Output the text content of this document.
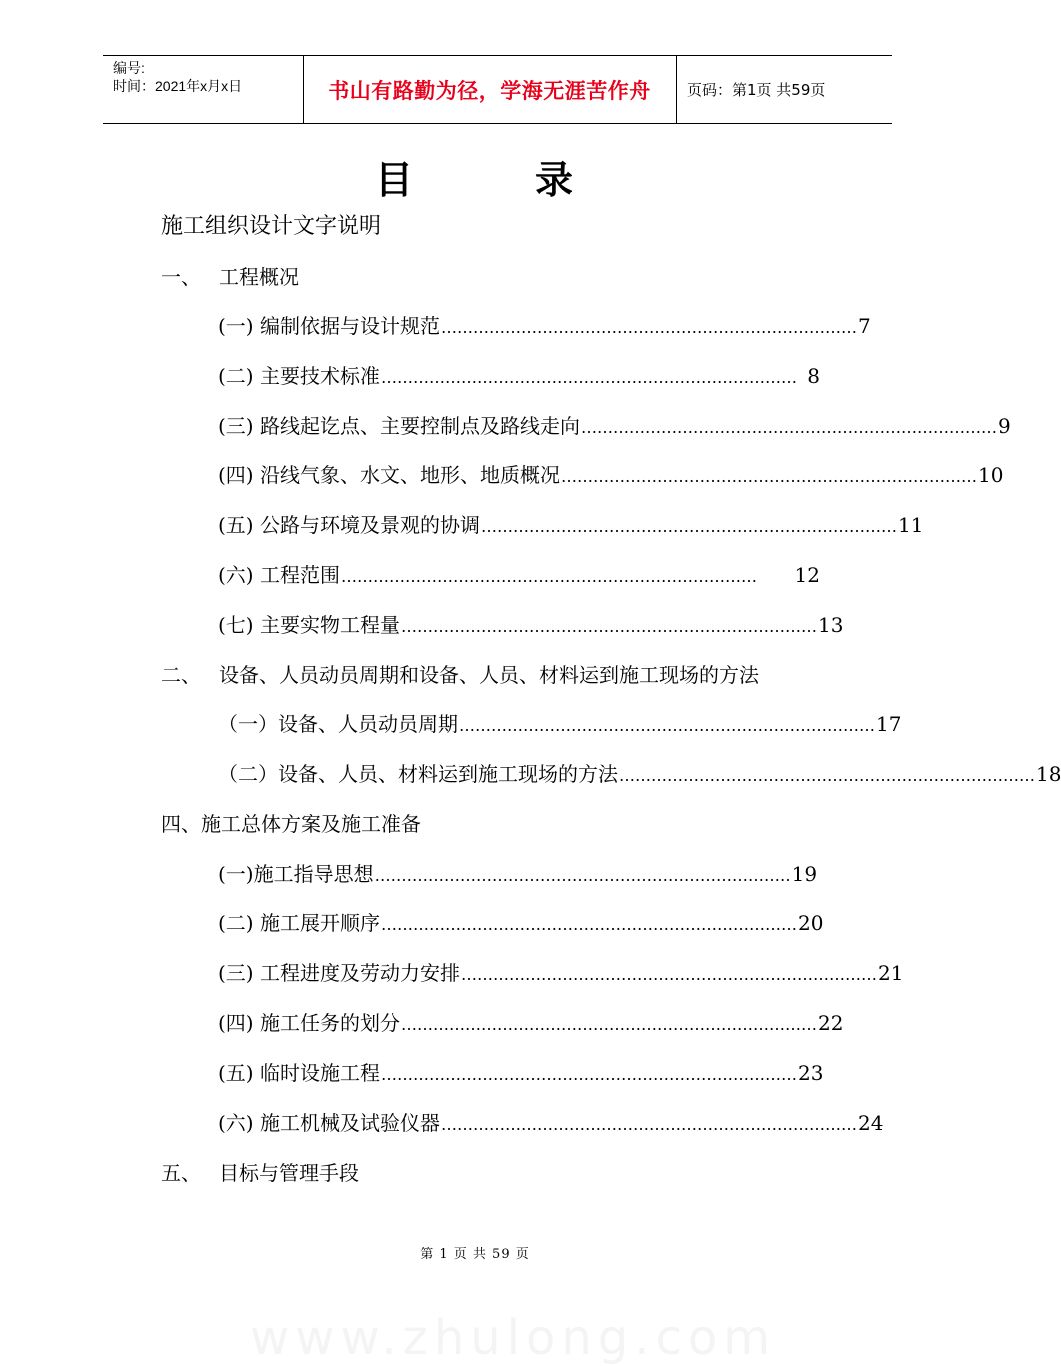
编号:
时间：2021年x月x日	书山有路勤为径，学海无涯苦作舟	页码：第1页 共59页
目	录
施工组织设计文字说明
一、 工程概况
(一) 编制依据与设计规范 …………………………………………………………………… 7
(二) 主要技术标准 …………………………………………………………………… 8
(三) 路线起讫点、主要控制点及路线走向 …………………………………………………………………… 9
(四) 沿线气象、水文、地形、地质概况 …………………………………………………………………… 10
(五) 公路与环境及景观的协调 …………………………………………………………………… 11
(六) 工程范围 ……………………………………………………………………	12
(七) 主要实物工程量 …………………………………………………………………… 13
二、 设备、人员动员周期和设备、人员、材料运到施工现场的方法
（一） 设备、人员动员周期 …………………………………………………………………… 17
（二） 设备、人员、材料运到施工现场的方法 …………………………………………………………………… 18
四、施工总体方案及施工准备
(一)施工指导思想 …………………………………………………………………… 19
(二) 施工展开顺序 …………………………………………………………………… 20
(三) 工程进度及劳动力安排 …………………………………………………………………… 21
(四) 施工任务的划分 …………………………………………………………………… 22
(五) 临时设施工程 …………………………………………………………………… 23
(六) 施工机械及试验仪器 …………………………………………………………………… 24
五、 目标与管理手段
第 1 页 共 59 页
www.zhulong.com
